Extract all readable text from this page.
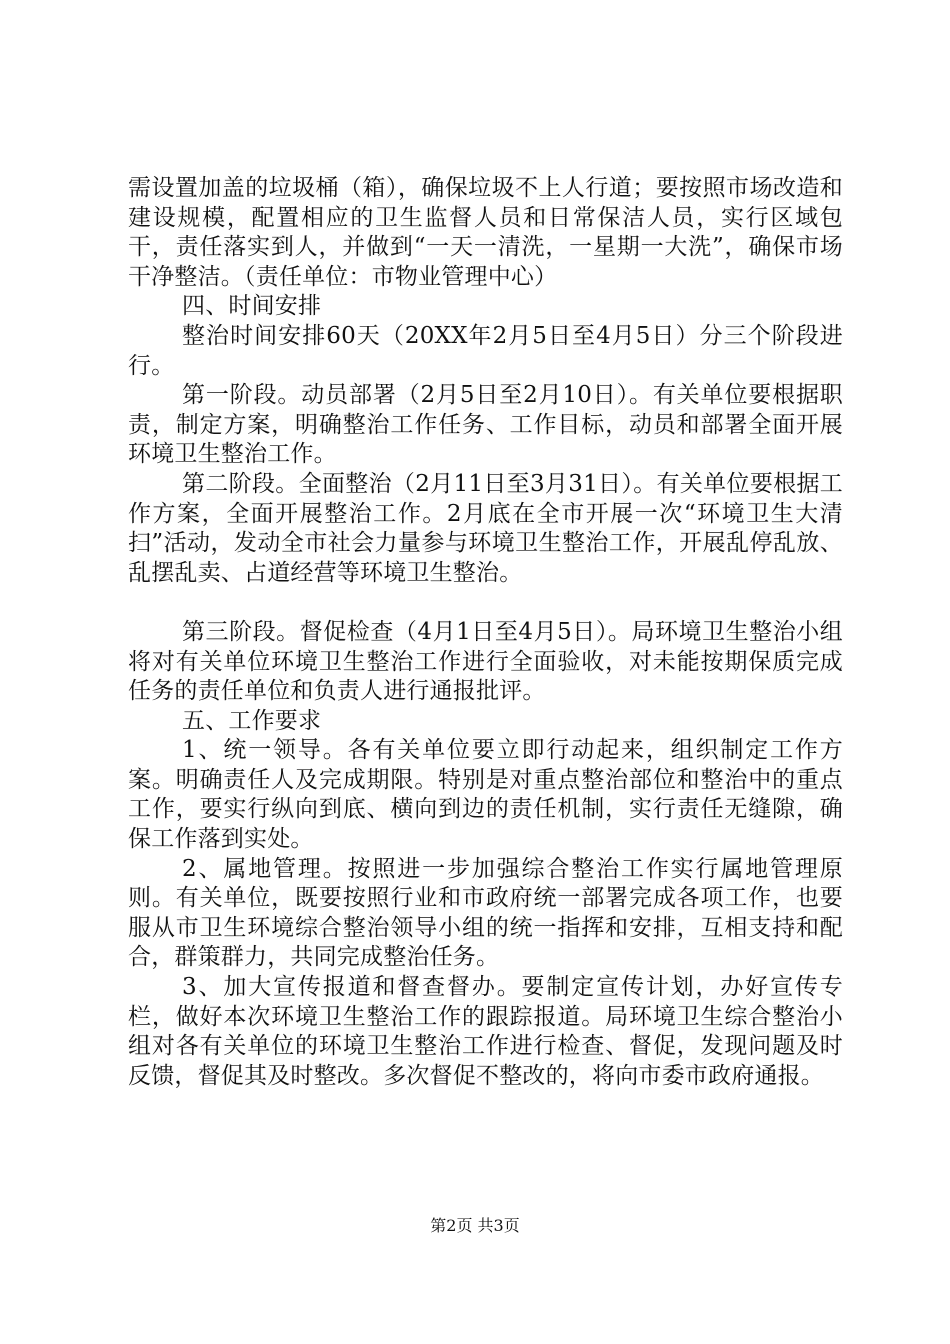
需设置加盖的垃圾桶（箱），确保垃圾不上人行道；要按照市场改造和建设规模，配置相应的卫生监督人员和日常保洁人员，实行区域包干，责任落实到人，并做到“一天一清洗，一星期一大洗”，确保市场干净整洁。（责任单位：市物业管理中心）

四、时间安排

整治时间安排60天（20XX年2月5日至4月5日）分三个阶段进行。

第一阶段。动员部署（2月5日至2月10日）。有关单位要根据职责，制定方案，明确整治工作任务、工作目标，动员和部署全面开展环境卫生整治工作。

第二阶段。全面整治（2月11日至3月31日）。有关单位要根据工作方案，全面开展整治工作。2月底在全市开展一次“环境卫生大清扫”活动，发动全市社会力量参与环境卫生整治工作，开展乱停乱放、乱摆乱卖、占道经营等环境卫生整治。

第三阶段。督促检查（4月1日至4月5日）。局环境卫生整治小组将对有关单位环境卫生整治工作进行全面验收，对未能按期保质完成任务的责任单位和负责人进行通报批评。

五、工作要求

1、统一领导。各有关单位要立即行动起来，组织制定工作方案。明确责任人及完成期限。特别是对重点整治部位和整治中的重点工作，要实行纵向到底、横向到边的责任机制，实行责任无缝隙，确保工作落到实处。

2、属地管理。按照进一步加强综合整治工作实行属地管理原则。有关单位，既要按照行业和市政府统一部署完成各项工作，也要服从市卫生环境综合整治领导小组的统一指挥和安排，互相支持和配合，群策群力，共同完成整治任务。

3、加大宣传报道和督查督办。要制定宣传计划，办好宣传专栏，做好本次环境卫生整治工作的跟踪报道。局环境卫生综合整治小组对各有关单位的环境卫生整治工作进行检查、督促，发现问题及时反馈，督促其及时整改。多次督促不整改的，将向市委市政府通报。

第2页 共3页
